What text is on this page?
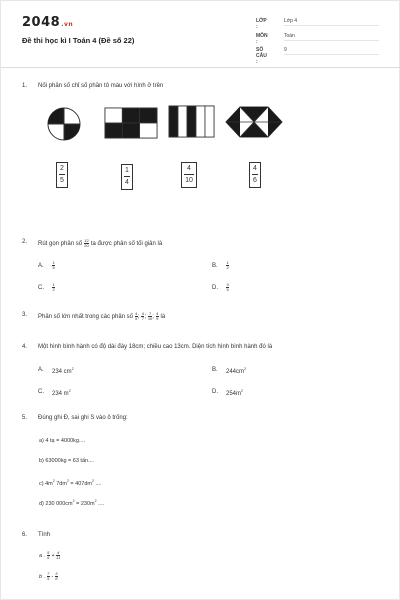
2048.vn
Đề thi học kì I Toán 4 (Đề số 22)
LỚP :
Lớp 4
MÔN :
Toán
SỐ CÂU :
9
1. Nối phân số chỉ số phần tô màu với hình ở trên
2
5
1
4
4
10
4
6
2. Rút gọn phân số $\frac{12}{20}$ ta được phân số tối giản là
A. $\frac{1}{5}$	B. $\frac{1}{2}$
C. $\frac{1}{2}$	D. $\frac{3}{5}$
3. Phân số lớn nhất trong các phân số $\frac{4}{5}$ ; $\frac{4}{7}$ ; $\frac{7}{10}$ ; $\frac{4}{9}$ là
4. Một hình bình hành có độ dài đáy 18cm; chiều cao 13cm. Diện tích hình bình hành đó là
A. 234 $cm^2$	B. $244cm^2$
C. 234 $m^2$	D. $254m^2$
5. Đúng ghi Đ, sai ghi S vào ô trống:
a) 4 tạ = 4000kg....
b) 63000kg = 63 tấn....
c) $4m^2$ $7dm^2 = 407dm^2$ ....
d) 230 $000cm^2 = 230m^2$ ....
6. Tính
a . $\frac{5}{6} + \frac{4}{11}$
b . $\frac{7}{5} - \frac{3}{8}$
